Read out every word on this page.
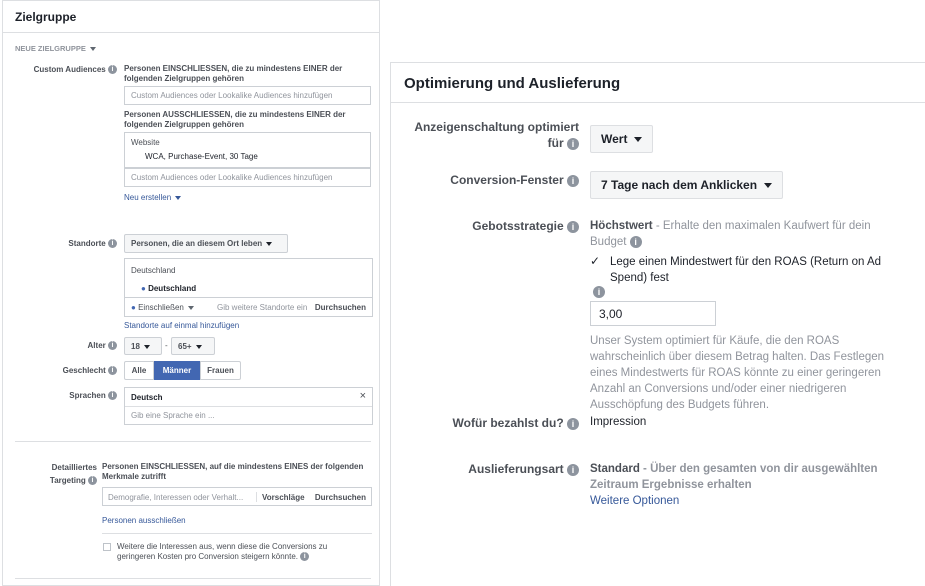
Zielgruppe
NEUE ZIELGRUPPE
Custom Audiences i	Personen EINSCHLIESSEN, die zu mindestens EINER der folgenden Zielgruppen gehören
Custom Audiences oder Lookalike Audiences hinzufügen
Personen AUSSCHLIESSEN, die zu mindestens EINER der folgenden Zielgruppen gehören
Website
WCA, Purchase-Event, 30 Tage
Custom Audiences oder Lookalike Audiences hinzufügen
Neu erstellen
Standorte i	Personen, die an diesem Ort leben
Deutschland
● Deutschland
● Einschließen	Gib weitere Standorte ein Durchsuchen
Standorte auf einmal hinzufügen
Alter i	18	-	65+
Geschlecht i	Alle	Männer	Frauen
Sprachen i	Deutsch	×
Gib eine Sprache ein ...
Detailliertes
Targeting i
Personen EINSCHLIESSEN, auf die mindestens EINES der folgenden Merkmale zutrifft
Demografie, Interessen oder Verhalt... Vorschläge Durchsuchen
Personen ausschließen
Weitere die Interessen aus, wenn diese die Conversions zu geringeren Kosten pro Conversion steigern könnte. i
Optimierung und Auslieferung
Anzeigenschaltung optimiert
für i	Wert
Conversion-Fenster i	7 Tage nach dem Anklicken
Gebotsstrategie i	Höchstwert - Erhalte den maximalen Kaufwert für dein
Budget i
✓ Lege einen Mindestwert für den ROAS (Return on Ad
Spend) fest
i
3,00
Unser System optimiert für Käufe, die den ROAS
wahrscheinlich über diesem Betrag halten. Das Festlegen
eines Mindestwerts für ROAS könnte zu einer geringeren
Anzahl an Conversions und/oder einer niedrigeren
Ausschöpfung des Budgets führen.
Wofür bezahlst du? i	Impression
Auslieferungsart i	Standard - Über den gesamten von dir ausgewählten
Zeitraum Ergebnisse erhalten
Weitere Optionen
